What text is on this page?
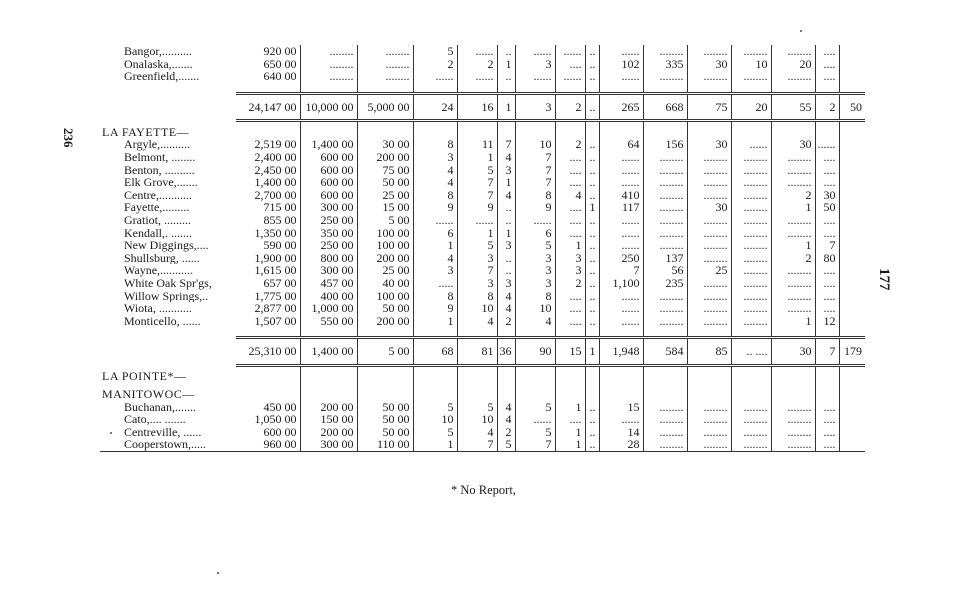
236
177
Bangor,..........	920 00	........	........	5	......	..	......	......	..	......	........	........	........	........	....	
Onalaska,.......	650 00	........	........	2	2	1	3	....	..	102	335	30	10	20	....	
Greenfield,.......	640 00	........	........	......	......	..	......	......	..	......	........	........	........	........	....	

	24,147 00	10,000 00	5,000 00	24	16	1	3	2	..	265	668	75	20	55	2	50
LA FAYETTE—																
Argyle,..........	2,519 00	1,400 00	30 00	8	11	7	10	2	..	64	156	30	......	30	......	
Belmont, ........	2,400 00	600 00	200 00	3	1	4	7	....	..	......	........	........	........	........	....	
Benton, ..........	2,450 00	600 00	75 00	4	5	3	7	....	..	......	........	........	........	........	....	
Elk Grove,.......	1,400 00	600 00	50 00	4	7	1	7	....	..	......	........	........	........	........	....	
Centre,...........	2,700 00	600 00	25 00	8	7	4	8	4	..	410	........	........	........	2	30	
Fayette,.........	715 00	300 00	15 00	9	9	..	9	....	1	117	........	30	........	1	50	
Gratiot, .........	855 00	250 00	5 00	......	......	..	......	....	..	......	........	........	........	........	....	
Kendall,. .......	1,350 00	350 00	100 00	6	1	1	6	....	..	......	........	........	........	........	....	
New Diggings,....	590 00	250 00	100 00	1	5	3	5	1	..	......	........	........	........	1	7	
Shullsburg, ......	1,900 00	800 00	200 00	4	3	..	3	3	..	250	137	........	........	2	80	
Wayne,...........	1,615 00	300 00	25 00	3	7	..	3	3	..	7	56	25	........	........	....	
White Oak Spr'gs,	657 00	457 00	40 00	.....	3	3	3	2	..	1,100	235	........	........	........	....	
Willow Springs,..	1,775 00	400 00	100 00	8	8	4	8	....	..	......	........	........	........	........	....	
Wiota, ...........	2,877 00	1,000 00	50 00	9	10	4	10	....	..	......	........	........	........	........	....	
Monticello, ......	1,507 00	550 00	200 00	1	4	2	4	....	..	......	........	........	........	1	12	

	25,310 00	1,400 00	5 00	68	81	36	90	15	1	1,948	584	85	.. ....	30	7	179
LA POINTE*—																
MANITOWOC—																
Buchanan,.......	450 00	200 00	50 00	5	5	4	5	1	..	15	........	........	........	........	....	
Cato,.... .......	1,050 00	150 00	50 00	10	10	4	......	....	..	......	........	........	........	........	....	
Centreville, ......	600 00	200 00	50 00	5	4	2	5	1	..	14	........	........	........	........	....	
Cooperstown,.....	960 00	300 00	110 00	1	7	5	7	1	..	28	........	........	........	........	....	
* No Report,
